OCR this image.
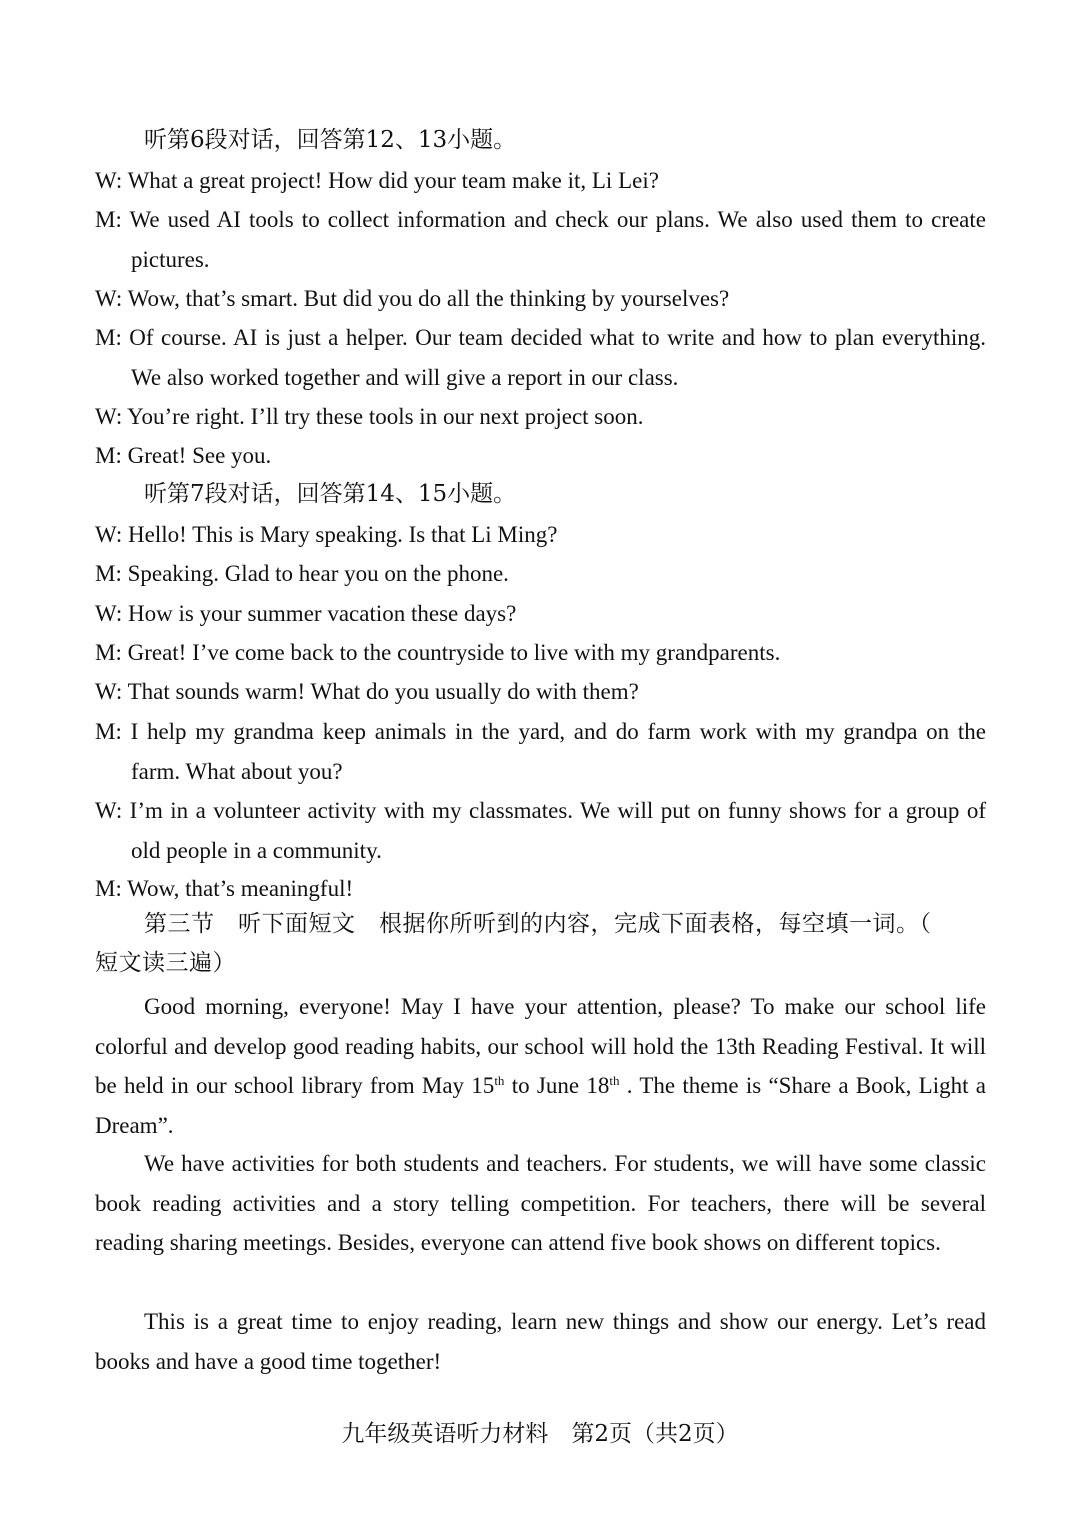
听第6段对话，回答第12、13小题。
W: What a great project! How did your team make it, Li Lei?
M: We used AI tools to collect information and check our plans. We also used them to create pictures.
W: Wow, that’s smart. But did you do all the thinking by yourselves?
M: Of course. AI is just a helper. Our team decided what to write and how to plan everything. We also worked together and will give a report in our class.
W: You’re right. I’ll try these tools in our next project soon.
M: Great! See you.
听第7段对话，回答第14、15小题。
W: Hello! This is Mary speaking. Is that Li Ming?
M: Speaking. Glad to hear you on the phone.
W: How is your summer vacation these days?
M: Great! I’ve come back to the countryside to live with my grandparents.
W: That sounds warm! What do you usually do with them?
M: I help my grandma keep animals in the yard, and do farm work with my grandpa on the farm. What about you?
W: I’m in a volunteer activity with my classmates. We will put on funny shows for a group of old people in a community.
M: Wow, that’s meaningful!
第三节　听下面短文　根据你所听到的内容，完成下面表格，每空填一词。（
短文读三遍）
Good morning, everyone! May I have your attention, please? To make our school life colorful and develop good reading habits, our school will hold the 13th Reading Festival. It will be held in our school library from May 15th to June 18th . The theme is “Share a Book, Light a Dream”.
We have activities for both students and teachers. For students, we will have some classic book reading activities and a story telling competition. For teachers, there will be several reading sharing meetings. Besides, everyone can attend five book shows on different topics.
This is a great time to enjoy reading, learn new things and show our energy. Let’s read books and have a good time together!
九年级英语听力材料　第2页（共2页）
